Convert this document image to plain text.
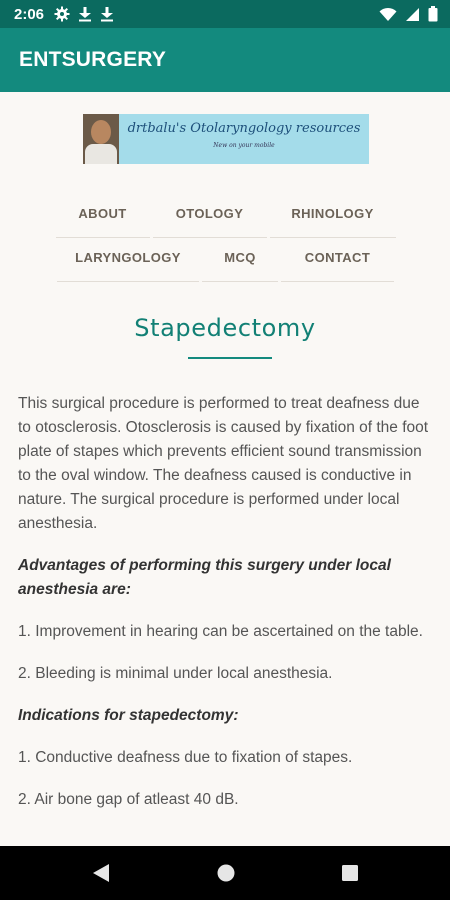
2:06
ENTSURGERY
drtbalu's Otolaryngology resources
New on your mobile
ABOUT	OTOLOGY	RHINOLOGY
LARYNGOLOGY	MCQ	CONTACT
Stapedectomy

This surgical procedure is performed to treat deafness due to otosclerosis. Otosclerosis is caused by fixation of the foot plate of stapes which prevents efficient sound transmission to the oval window. The deafness caused is conductive in nature. The surgical procedure is performed under local anesthesia.

Advantages of performing this surgery under local anesthesia are:

1. Improvement in hearing can be ascertained on the table.

2. Bleeding is minimal under local anesthesia.

Indications for stapedectomy:

1. Conductive deafness due to fixation of stapes.

2. Air bone gap of atleast 40 dB.
